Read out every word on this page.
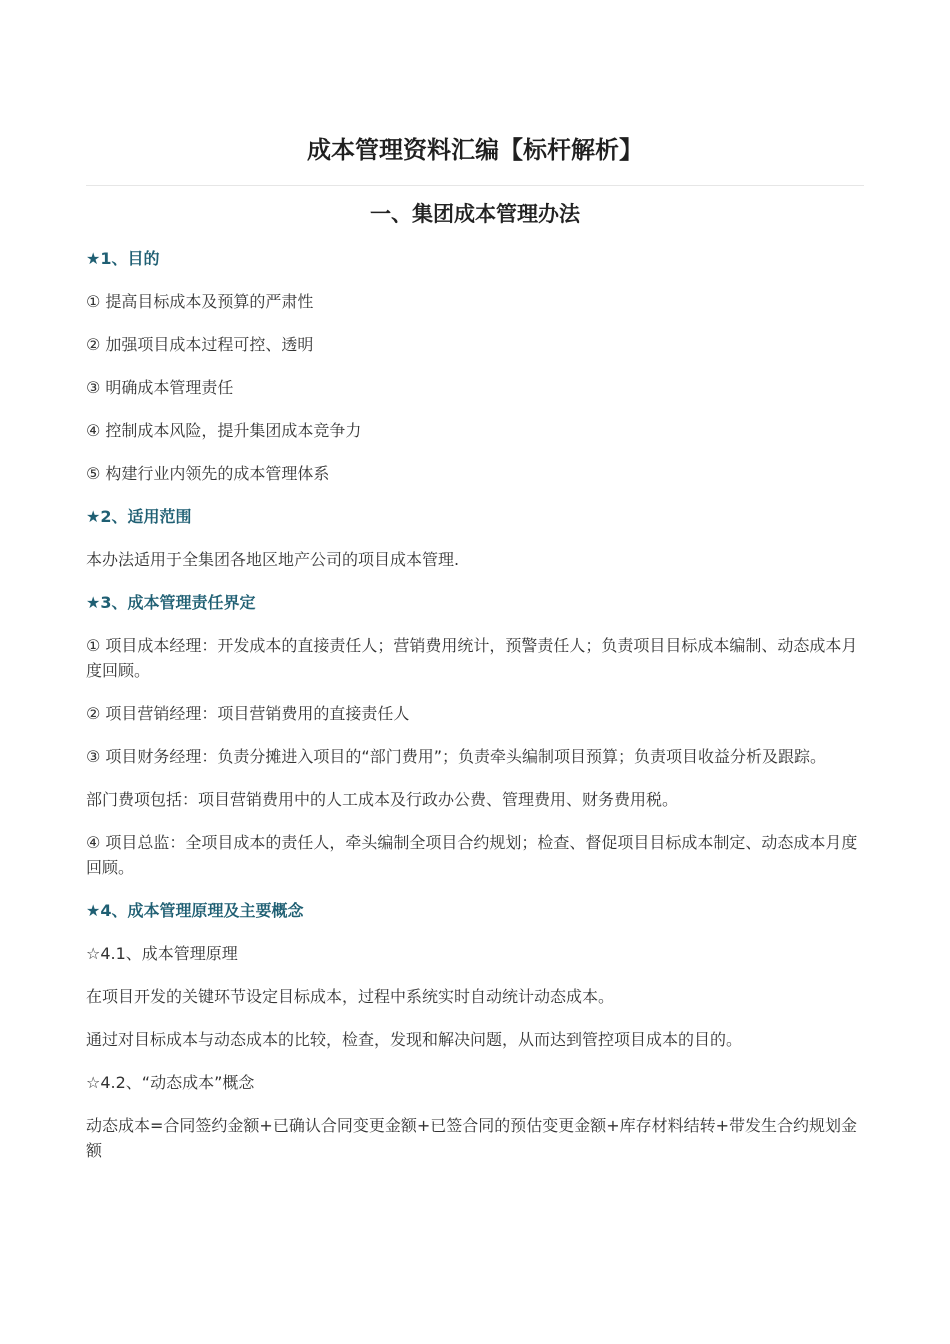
成本管理资料汇编【标杆解析】
一、集团成本管理办法

★1、目的

① 提高目标成本及预算的严肃性

② 加强项目成本过程可控、透明

③ 明确成本管理责任

④ 控制成本风险，提升集团成本竞争力

⑤ 构建行业内领先的成本管理体系

★2、适用范围

本办法适用于全集团各地区地产公司的项目成本管理.

★3、成本管理责任界定

① 项目成本经理：开发成本的直接责任人；营销费用统计，预警责任人；负责项目目标成本编制、动态成本月度回顾。

② 项目营销经理：项目营销费用的直接责任人

③ 项目财务经理：负责分摊进入项目的“部门费用”；负责牵头编制项目预算；负责项目收益分析及跟踪。

部门费项包括：项目营销费用中的人工成本及行政办公费、管理费用、财务费用税。

④ 项目总监：全项目成本的责任人，牵头编制全项目合约规划；检查、督促项目目标成本制定、动态成本月度回顾。

★4、成本管理原理及主要概念

☆4.1、成本管理原理

在项目开发的关键环节设定目标成本，过程中系统实时自动统计动态成本。

通过对目标成本与动态成本的比较，检查，发现和解决问题，从而达到管控项目成本的目的。

☆4.2、“动态成本”概念

动态成本=合同签约金额+已确认合同变更金额+已签合同的预估变更金额+库存材料结转+带发生合约规划金额
